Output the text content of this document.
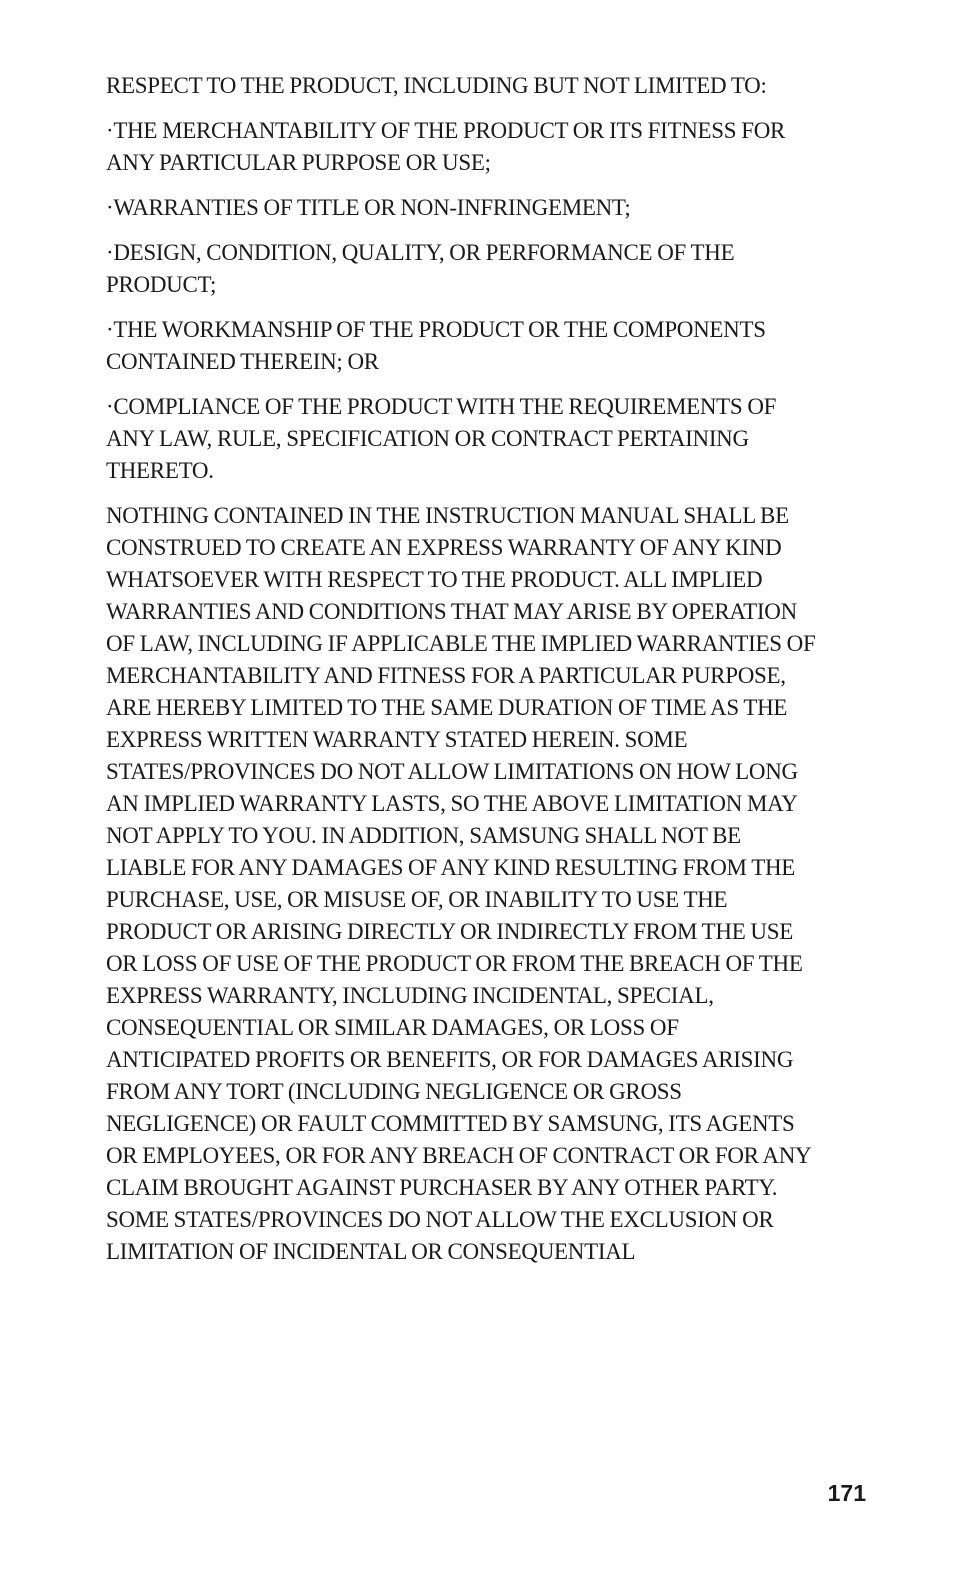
RESPECT TO THE PRODUCT, INCLUDING BUT NOT LIMITED TO:

·THE MERCHANTABILITY OF THE PRODUCT OR ITS FITNESS FOR ANY PARTICULAR PURPOSE OR USE;

·WARRANTIES OF TITLE OR NON-INFRINGEMENT;

·DESIGN, CONDITION, QUALITY, OR PERFORMANCE OF THE PRODUCT;

·THE WORKMANSHIP OF THE PRODUCT OR THE COMPONENTS CONTAINED THEREIN; OR

·COMPLIANCE OF THE PRODUCT WITH THE REQUIREMENTS OF ANY LAW, RULE, SPECIFICATION OR CONTRACT PERTAINING THERETO.

NOTHING CONTAINED IN THE INSTRUCTION MANUAL SHALL BE CONSTRUED TO CREATE AN EXPRESS WARRANTY OF ANY KIND WHATSOEVER WITH RESPECT TO THE PRODUCT. ALL IMPLIED WARRANTIES AND CONDITIONS THAT MAY ARISE BY OPERATION OF LAW, INCLUDING IF APPLICABLE THE IMPLIED WARRANTIES OF MERCHANTABILITY AND FITNESS FOR A PARTICULAR PURPOSE, ARE HEREBY LIMITED TO THE SAME DURATION OF TIME AS THE EXPRESS WRITTEN WARRANTY STATED HEREIN. SOME STATES/PROVINCES DO NOT ALLOW LIMITATIONS ON HOW LONG AN IMPLIED WARRANTY LASTS, SO THE ABOVE LIMITATION MAY NOT APPLY TO YOU. IN ADDITION, SAMSUNG SHALL NOT BE LIABLE FOR ANY DAMAGES OF ANY KIND RESULTING FROM THE PURCHASE, USE, OR MISUSE OF, OR INABILITY TO USE THE PRODUCT OR ARISING DIRECTLY OR INDIRECTLY FROM THE USE OR LOSS OF USE OF THE PRODUCT OR FROM THE BREACH OF THE EXPRESS WARRANTY, INCLUDING INCIDENTAL, SPECIAL, CONSEQUENTIAL OR SIMILAR DAMAGES, OR LOSS OF ANTICIPATED PROFITS OR BENEFITS, OR FOR DAMAGES ARISING FROM ANY TORT (INCLUDING NEGLIGENCE OR GROSS NEGLIGENCE) OR FAULT COMMITTED BY SAMSUNG, ITS AGENTS OR EMPLOYEES, OR FOR ANY BREACH OF CONTRACT OR FOR ANY CLAIM BROUGHT AGAINST PURCHASER BY ANY OTHER PARTY. SOME STATES/PROVINCES DO NOT ALLOW THE EXCLUSION OR LIMITATION OF INCIDENTAL OR CONSEQUENTIAL

171
